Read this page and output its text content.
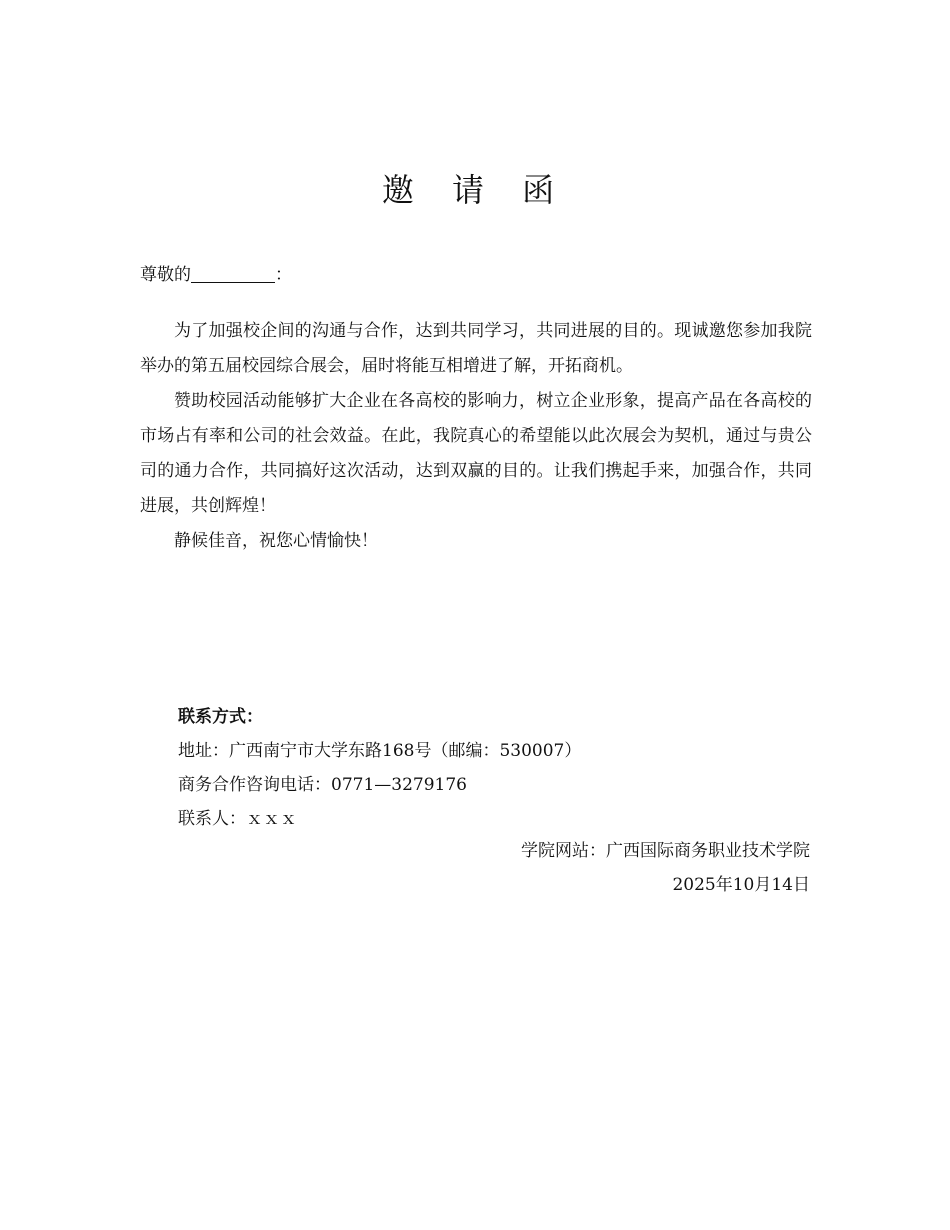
邀 请 函
尊敬的	：

为了加强校企间的沟通与合作，达到共同学习，共同进展的目的。现诚邀您参加我院举办的第五届校园综合展会，届时将能互相增进了解，开拓商机。

赞助校园活动能够扩大企业在各高校的影响力，树立企业形象，提高产品在各高校的市场占有率和公司的社会效益。在此，我院真心的希望能以此次展会为契机，通过与贵公司的通力合作，共同搞好这次活动，达到双赢的目的。让我们携起手来，加强合作，共同进展，共创辉煌！

静候佳音，祝您心情愉快！

联系方式：
地址：广西南宁市大学东路168号（邮编：530007）
商务合作咨询电话：0771—3279176
联系人：ｘｘｘ
学院网站：广西国际商务职业技术学院
2025年10月14日
